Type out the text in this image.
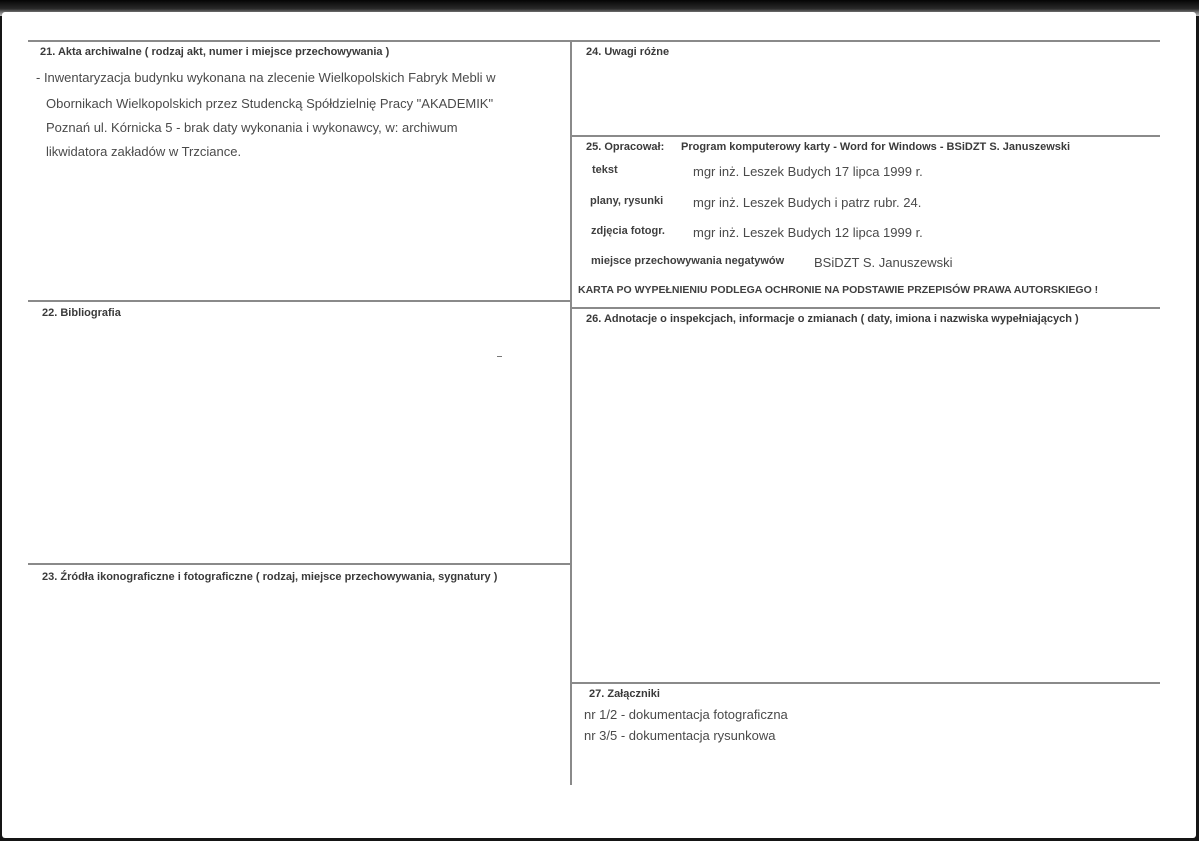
21. Akta archiwalne ( rodzaj akt, numer i miejsce przechowywania )
- Inwentaryzacja budynku wykonana na zlecenie Wielkopolskich Fabryk Mebli w
Obornikach Wielkopolskich przez Studencką Spółdzielnię Pracy "AKADEMIK"
Poznań ul. Kórnicka 5 - brak daty wykonania i wykonawcy, w: archiwum
likwidatora zakładów w Trzciance.
22. Bibliografia
23. Źródła ikonograficzne i fotograficzne ( rodzaj, miejsce przechowywania, sygnatury )
24. Uwagi różne
25. Opracował: Program komputerowy karty - Word for Windows - BSiDZT S. Januszewski
tekst	mgr inż. Leszek Budych 17 lipca 1999 r.
plany, rysunki mgr inż. Leszek Budych i patrz rubr. 24.
zdjęcia fotogr. mgr inż. Leszek Budych 12 lipca 1999 r.
miejsce przechowywania negatywów BSiDZT S. Januszewski
KARTA PO WYPEŁNIENIU PODLEGA OCHRONIE NA PODSTAWIE PRZEPISÓW PRAWA AUTORSKIEGO !
26. Adnotacje o inspekcjach, informacje o zmianach ( daty, imiona i nazwiska wypełniających )
27. Załączniki
nr 1/2 - dokumentacja fotograficzna
nr 3/5 - dokumentacja rysunkowa
